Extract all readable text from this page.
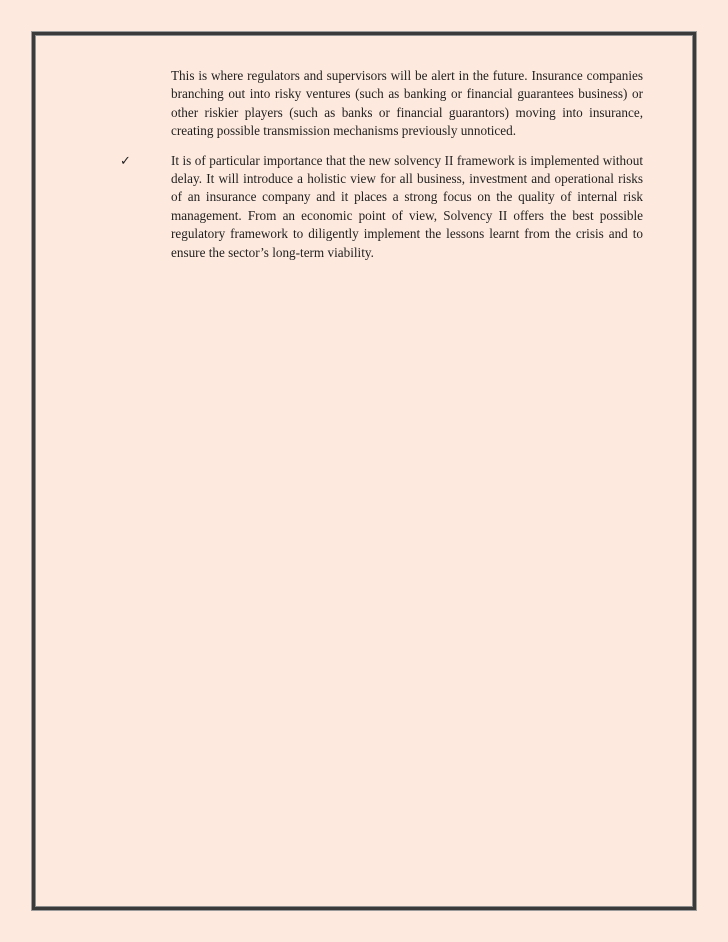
This is where regulators and supervisors will be alert in the future. Insurance companies branching out into risky ventures (such as banking or financial guarantees business) or other riskier players (such as banks or financial guarantors) moving into insurance, creating possible transmission mechanisms previously unnoticed.

✓	It is of particular importance that the new solvency II framework is implemented without delay. It will introduce a holistic view for all business, investment and operational risks of an insurance company and it places a strong focus on the quality of internal risk management. From an economic point of view, Solvency II offers the best possible regulatory framework to diligently implement the lessons learnt from the crisis and to ensure the sector’s long-term viability.
